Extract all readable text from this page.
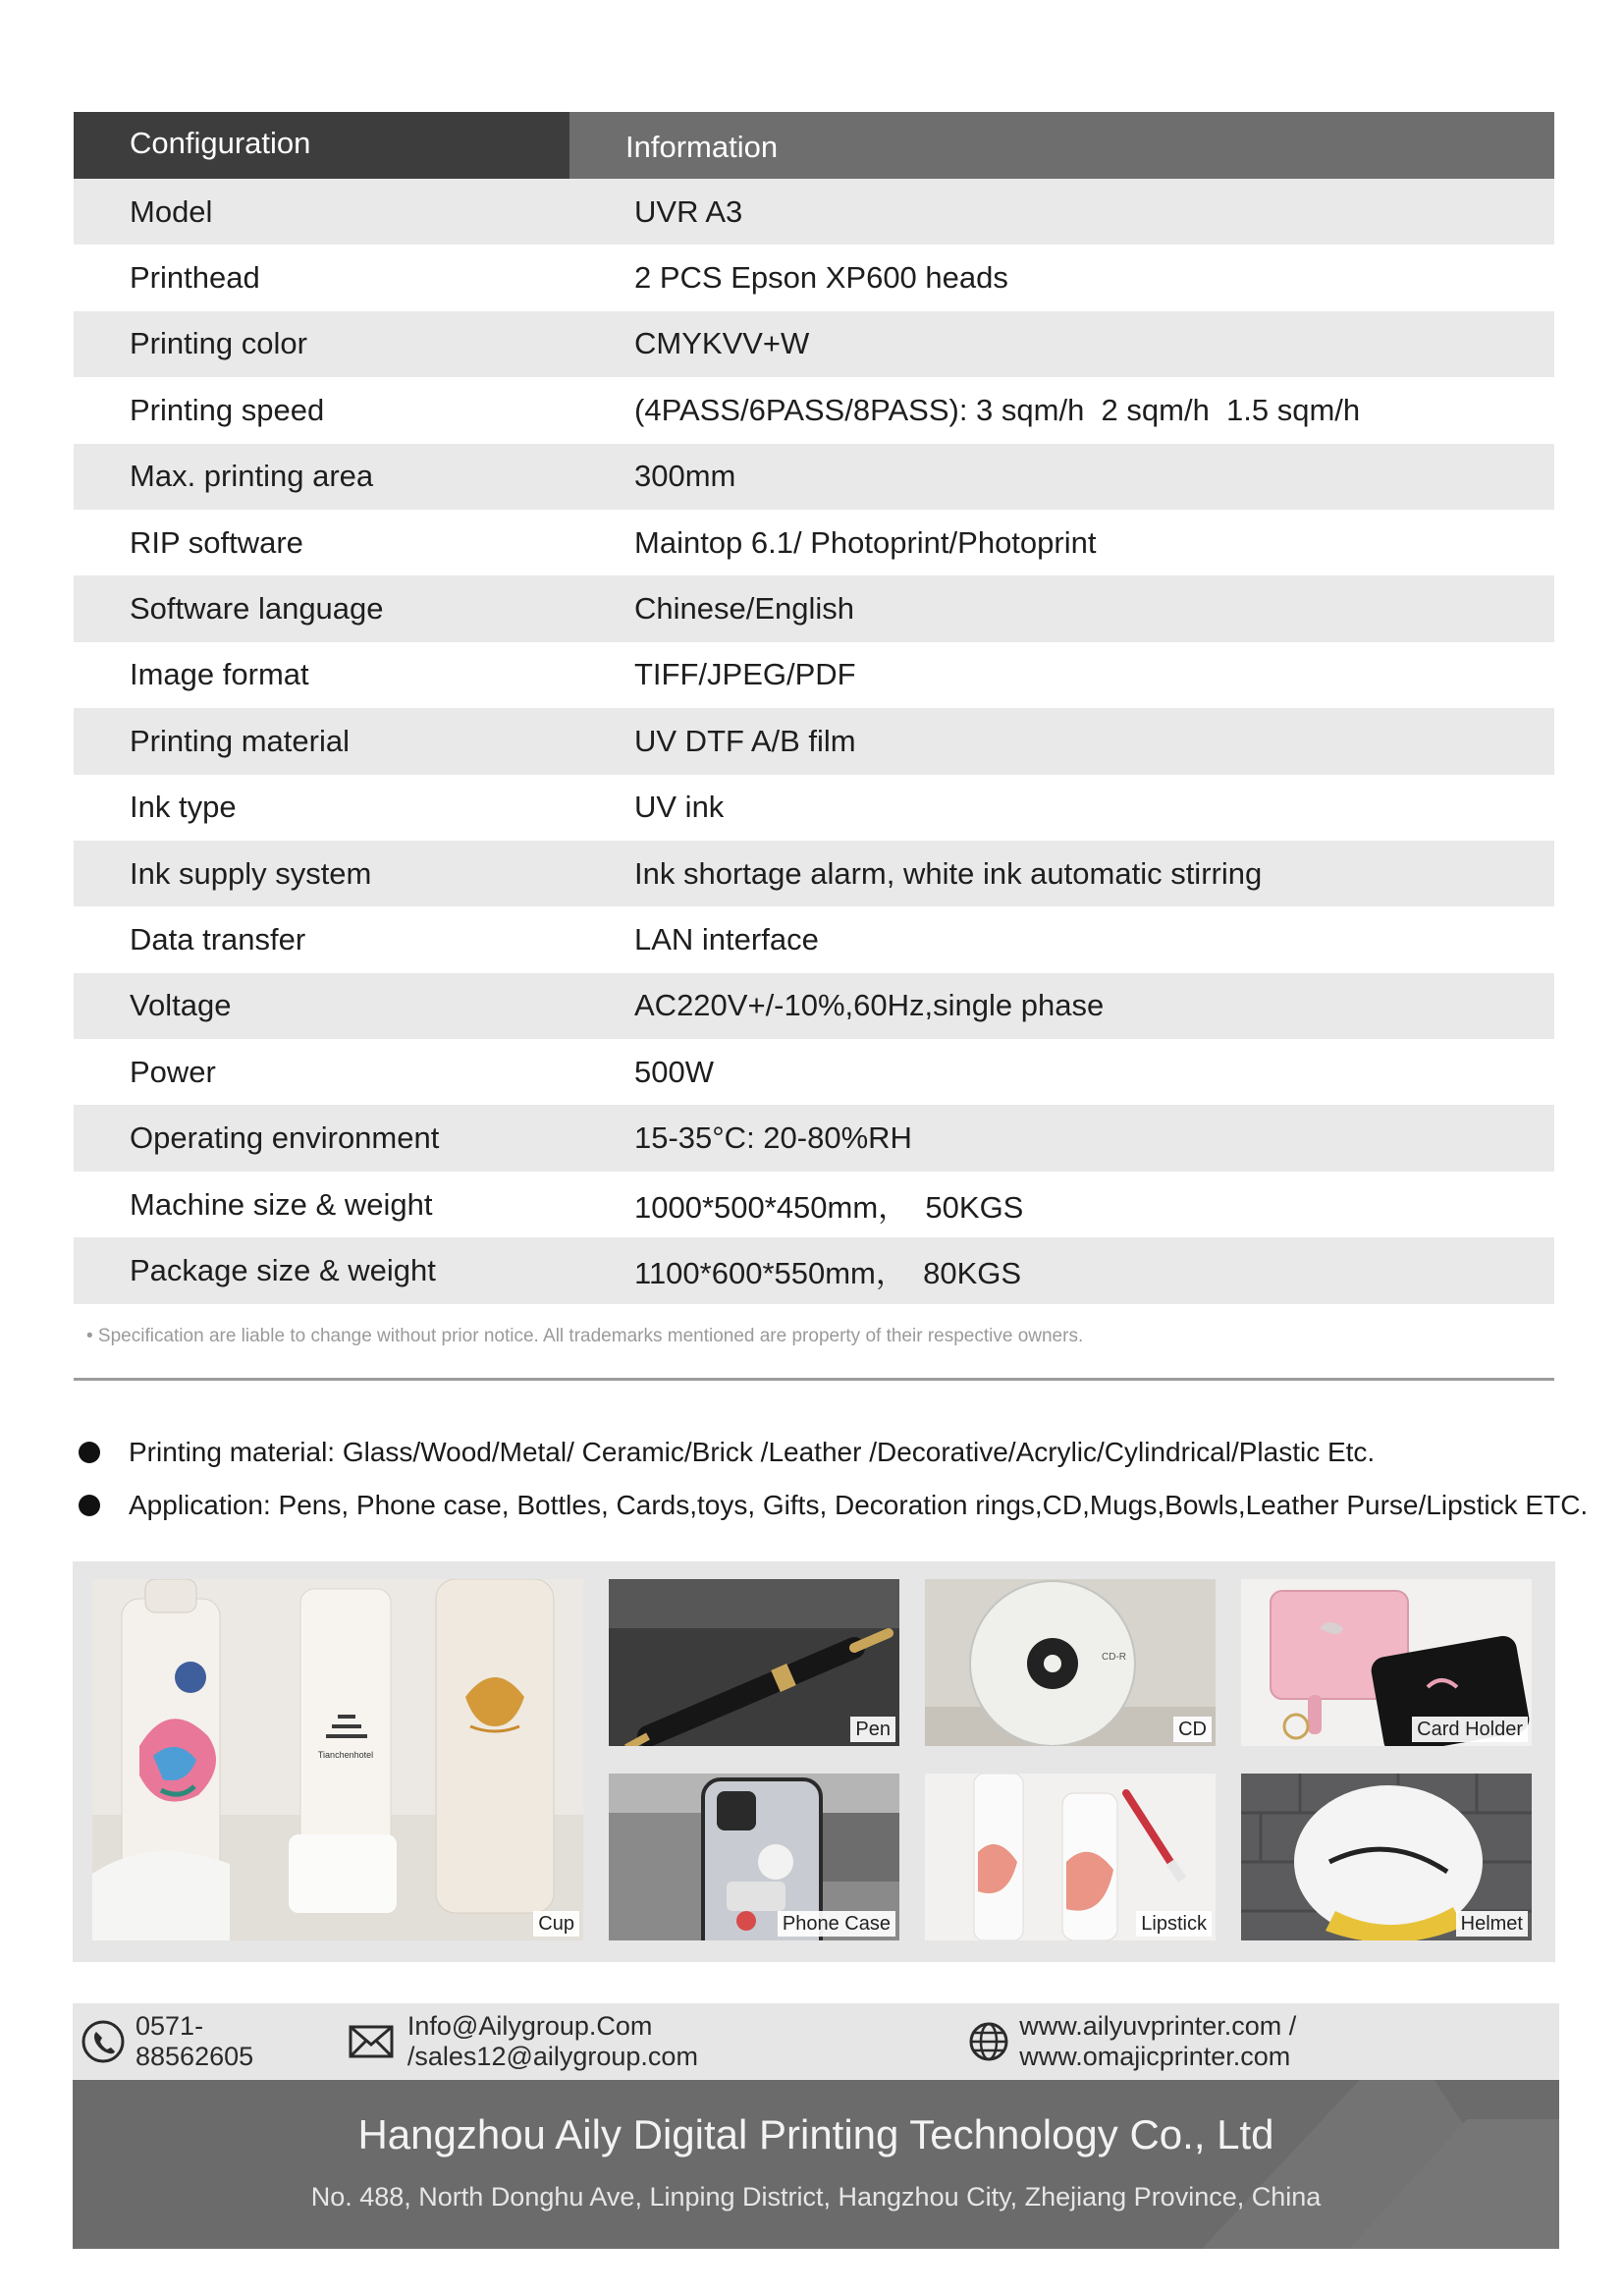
Configuration	Information
Model	UVR A3
Printhead	2 PCS Epson XP600 heads
Printing color	CMYKVV+W
Printing speed	(4PASS/6PASS/8PASS): 3 sqm/h  2 sqm/h  1.5 sqm/h
Max. printing area	300mm
RIP software	Maintop 6.1/ Photoprint/Photoprint
Software language	Chinese/English
Image format	TIFF/JPEG/PDF
Printing material	UV DTF A/B film
Ink type	UV ink
Ink supply system	Ink shortage alarm, white ink automatic stirring
Data transfer	LAN interface
Voltage	AC220V+/-10%,60Hz,single phase
Power	500W
Operating environment	15-35°C: 20-80%RH
Machine size & weight	1000*500*450mm，  50KGS
Package size & weight	1100*600*550mm，  80KGS
• Specification are liable to change without prior notice. All trademarks mentioned are property of their respective owners.
Printing material: Glass/Wood/Metal/ Ceramic/Brick /Leather /Decorative/Acrylic/Cylindrical/Plastic Etc.
Application: Pens, Phone case, Bottles, Cards,toys, Gifts, Decoration rings,CD,Mugs,Bowls,Leather Purse/Lipstick ETC.
Tianchenhotel
Cup
Pen
CD-R
CD	Card Holder
Phone Case	Lipstick	Helmet
0571-88562605
Info@Ailygroup.Com /sales12@ailygroup.com
www.ailyuvprinter.com / www.omajicprinter.com
Hangzhou Aily Digital Printing Technology Co., Ltd
No. 488, North Donghu Ave, Linping District, Hangzhou City, Zhejiang Province, China
